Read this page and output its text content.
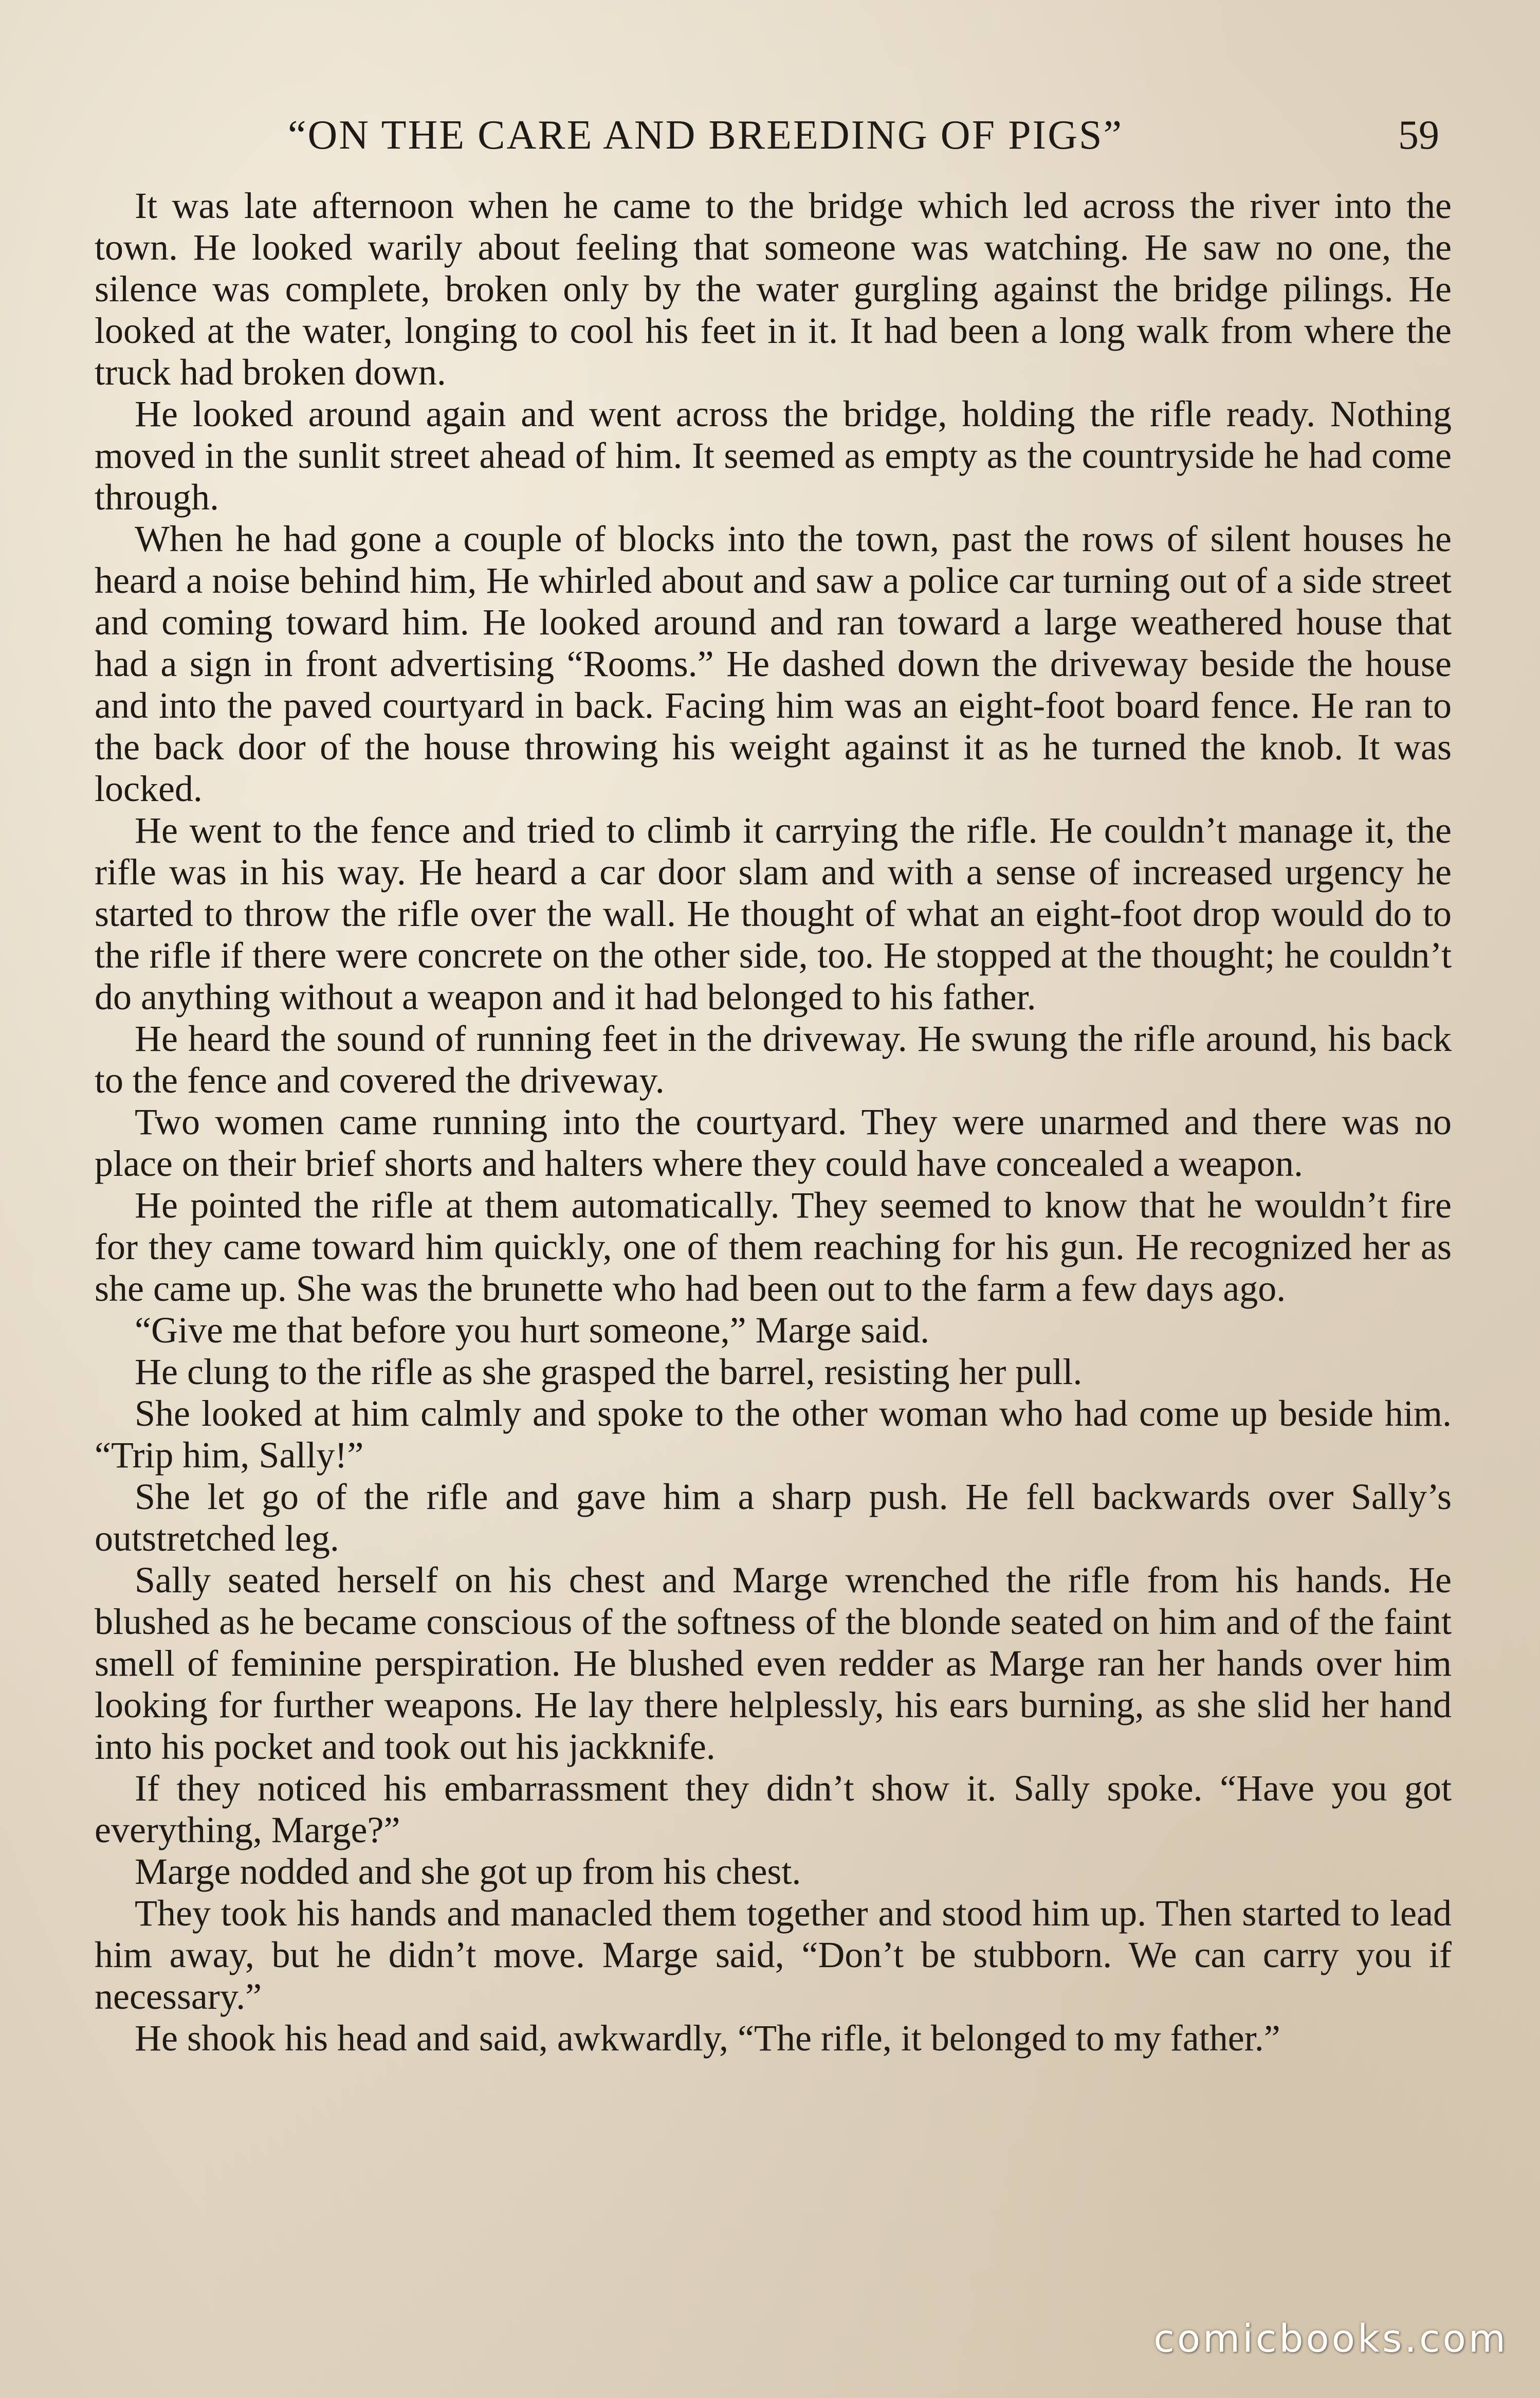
“ON THE CARE AND BREEDING OF PIGS”	59

It was late afternoon when he came to the bridge which led across the river into the town. He looked warily about feeling that someone was watching. He saw no one, the silence was complete, broken only by the water gurgling against the bridge pilings. He looked at the water, longing to cool his feet in it. It had been a long walk from where the truck had broken down.

He looked around again and went across the bridge, holding the rifle ready. Nothing moved in the sunlit street ahead of him. It seemed as empty as the countryside he had come through.

When he had gone a couple of blocks into the town, past the rows of silent houses he heard a noise behind him, He whirled about and saw a police car turning out of a side street and coming toward him. He looked around and ran toward a large weathered house that had a sign in front advertising “Rooms.” He dashed down the driveway beside the house and into the paved courtyard in back. Facing him was an eight-foot board fence. He ran to the back door of the house throwing his weight against it as he turned the knob. It was locked.

He went to the fence and tried to climb it carrying the rifle. He couldn’t manage it, the rifle was in his way. He heard a car door slam and with a sense of increased urgency he started to throw the rifle over the wall. He thought of what an eight-foot drop would do to the rifle if there were concrete on the other side, too. He stopped at the thought; he couldn’t do anything without a weapon and it had belonged to his father.

He heard the sound of running feet in the driveway. He swung the rifle around, his back to the fence and covered the driveway.

Two women came running into the courtyard. They were unarmed and there was no place on their brief shorts and halters where they could have concealed a weapon.

He pointed the rifle at them automatically. They seemed to know that he wouldn’t fire for they came toward him quickly, one of them reaching for his gun. He recognized her as she came up. She was the brunette who had been out to the farm a few days ago.

“Give me that before you hurt someone,” Marge said.

He clung to the rifle as she grasped the barrel, resisting her pull.

She looked at him calmly and spoke to the other woman who had come up beside him. “Trip him, Sally!”

She let go of the rifle and gave him a sharp push. He fell backwards over Sally’s outstretched leg.

Sally seated herself on his chest and Marge wrenched the rifle from his hands. He blushed as he became conscious of the softness of the blonde seated on him and of the faint smell of feminine perspiration. He blushed even redder as Marge ran her hands over him looking for further weapons. He lay there helplessly, his ears burning, as she slid her hand into his pocket and took out his jackknife.

If they noticed his embarrassment they didn’t show it. Sally spoke. “Have you got everything, Marge?”

Marge nodded and she got up from his chest.

They took his hands and manacled them together and stood him up. Then started to lead him away, but he didn’t move. Marge said, “Don’t be stubborn. We can carry you if necessary.”

He shook his head and said, awkwardly, “The rifle, it belonged to my father.”

comicbooks.com
